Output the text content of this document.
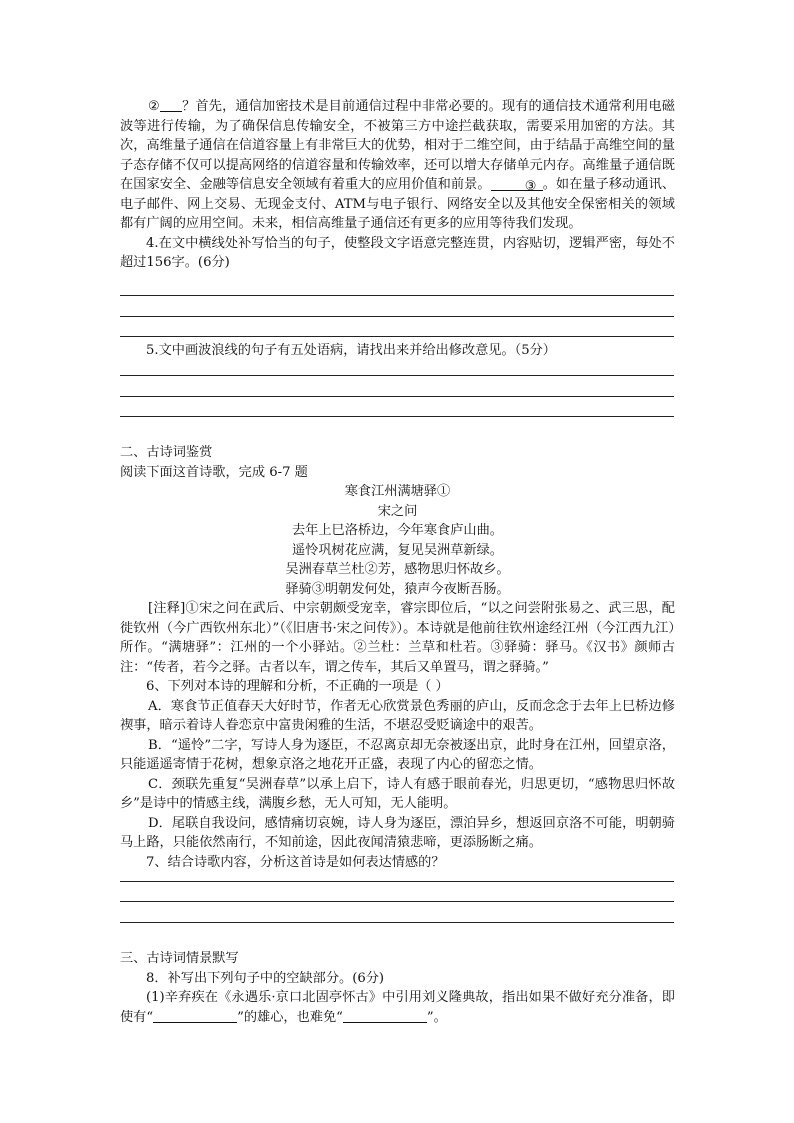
② ？首先，通信加密技术是目前通信过程中非常必要的。现有的通信技术通常利用电磁波等进行传输，为了确保信息传输安全，不被第三方中途拦截获取，需要采用加密的方法。其次，高维量子通信在信道容量上有非常巨大的优势，相对于二维空间，由于结晶于高维空间的量子态存储不仅可以提高网络的信道容量和传输效率，还可以增大存储单元内存。高维量子通信既在国家安全、金融等信息安全领域有着重大的应用价值和前景。	③ 。如在量子移动通讯、电子邮件、网上交易、无现金支付、ATM与电子银行、网络安全以及其他安全保密相关的领域都有广阔的应用空间。未来，相信高维量子通信还有更多的应用等待我们发现。

4.在文中横线处补写恰当的句子，使整段文字语意完整连贯，内容贴切，逻辑严密，每处不超过156字。(6分)

5.文中画波浪线的句子有五处语病，请找出来并给出修改意见。（5分）

二、古诗词鉴赏

阅读下面这首诗歌，完成 6-7 题

寒食江州满塘驿①

宋之问

去年上巳洛桥边，今年寒食庐山曲。

遥怜巩树花应满，复见吴洲草新绿。

吴洲春草兰杜②芳，感物思归怀故乡。

驿骑③明朝发何处，猿声今夜断吾肠。

[注释]①宋之问在武后、中宗朝颇受宠幸，睿宗即位后，“以之问尝附张易之、武三思，配徙钦州（今广西钦州东北）”（《旧唐书·宋之问传》）。本诗就是他前往钦州途经江州（今江西九江）所作。“满塘驿”：江州的一个小驿站。②兰杜：兰草和杜若。③驿骑：驿马。《汉书》颜师古注：“传者，若今之驿。古者以车，谓之传车，其后又单置马，谓之驿骑。”

6、下列对本诗的理解和分析，不正确的一项是（ ）

A．寒食节正值春天大好时节，作者无心欣赏景色秀丽的庐山，反而念念于去年上巳桥边修禊事，暗示着诗人眷恋京中富贵闲雅的生活，不堪忍受贬谪途中的艰苦。

B．“遥怜”二字，写诗人身为逐臣，不忍离京却无奈被逐出京，此时身在江州，回望京洛，只能遥遥寄情于花树，想象京洛之地花开正盛，表现了内心的留恋之情。

C．颈联先重复“吴洲春草”以承上启下，诗人有感于眼前春光，归思更切，“感物思归怀故乡”是诗中的情感主线，满腹乡愁，无人可知，无人能明。

D．尾联自我设问，感情痛切哀婉，诗人身为逐臣，漂泊异乡，想返回京洛不可能，明朝骑马上路，只能依然南行，不知前途，因此夜闻清猿悲啼，更添肠断之痛。

7、结合诗歌内容，分析这首诗是如何表达情感的？

三、古诗词情景默写

8．补写出下列句子中的空缺部分。(6分)

(1)辛弃疾在《永遇乐·京口北固亭怀古》中引用刘义隆典故，指出如果不做好充分准备，即使有“	”的雄心，也难免“	”。
